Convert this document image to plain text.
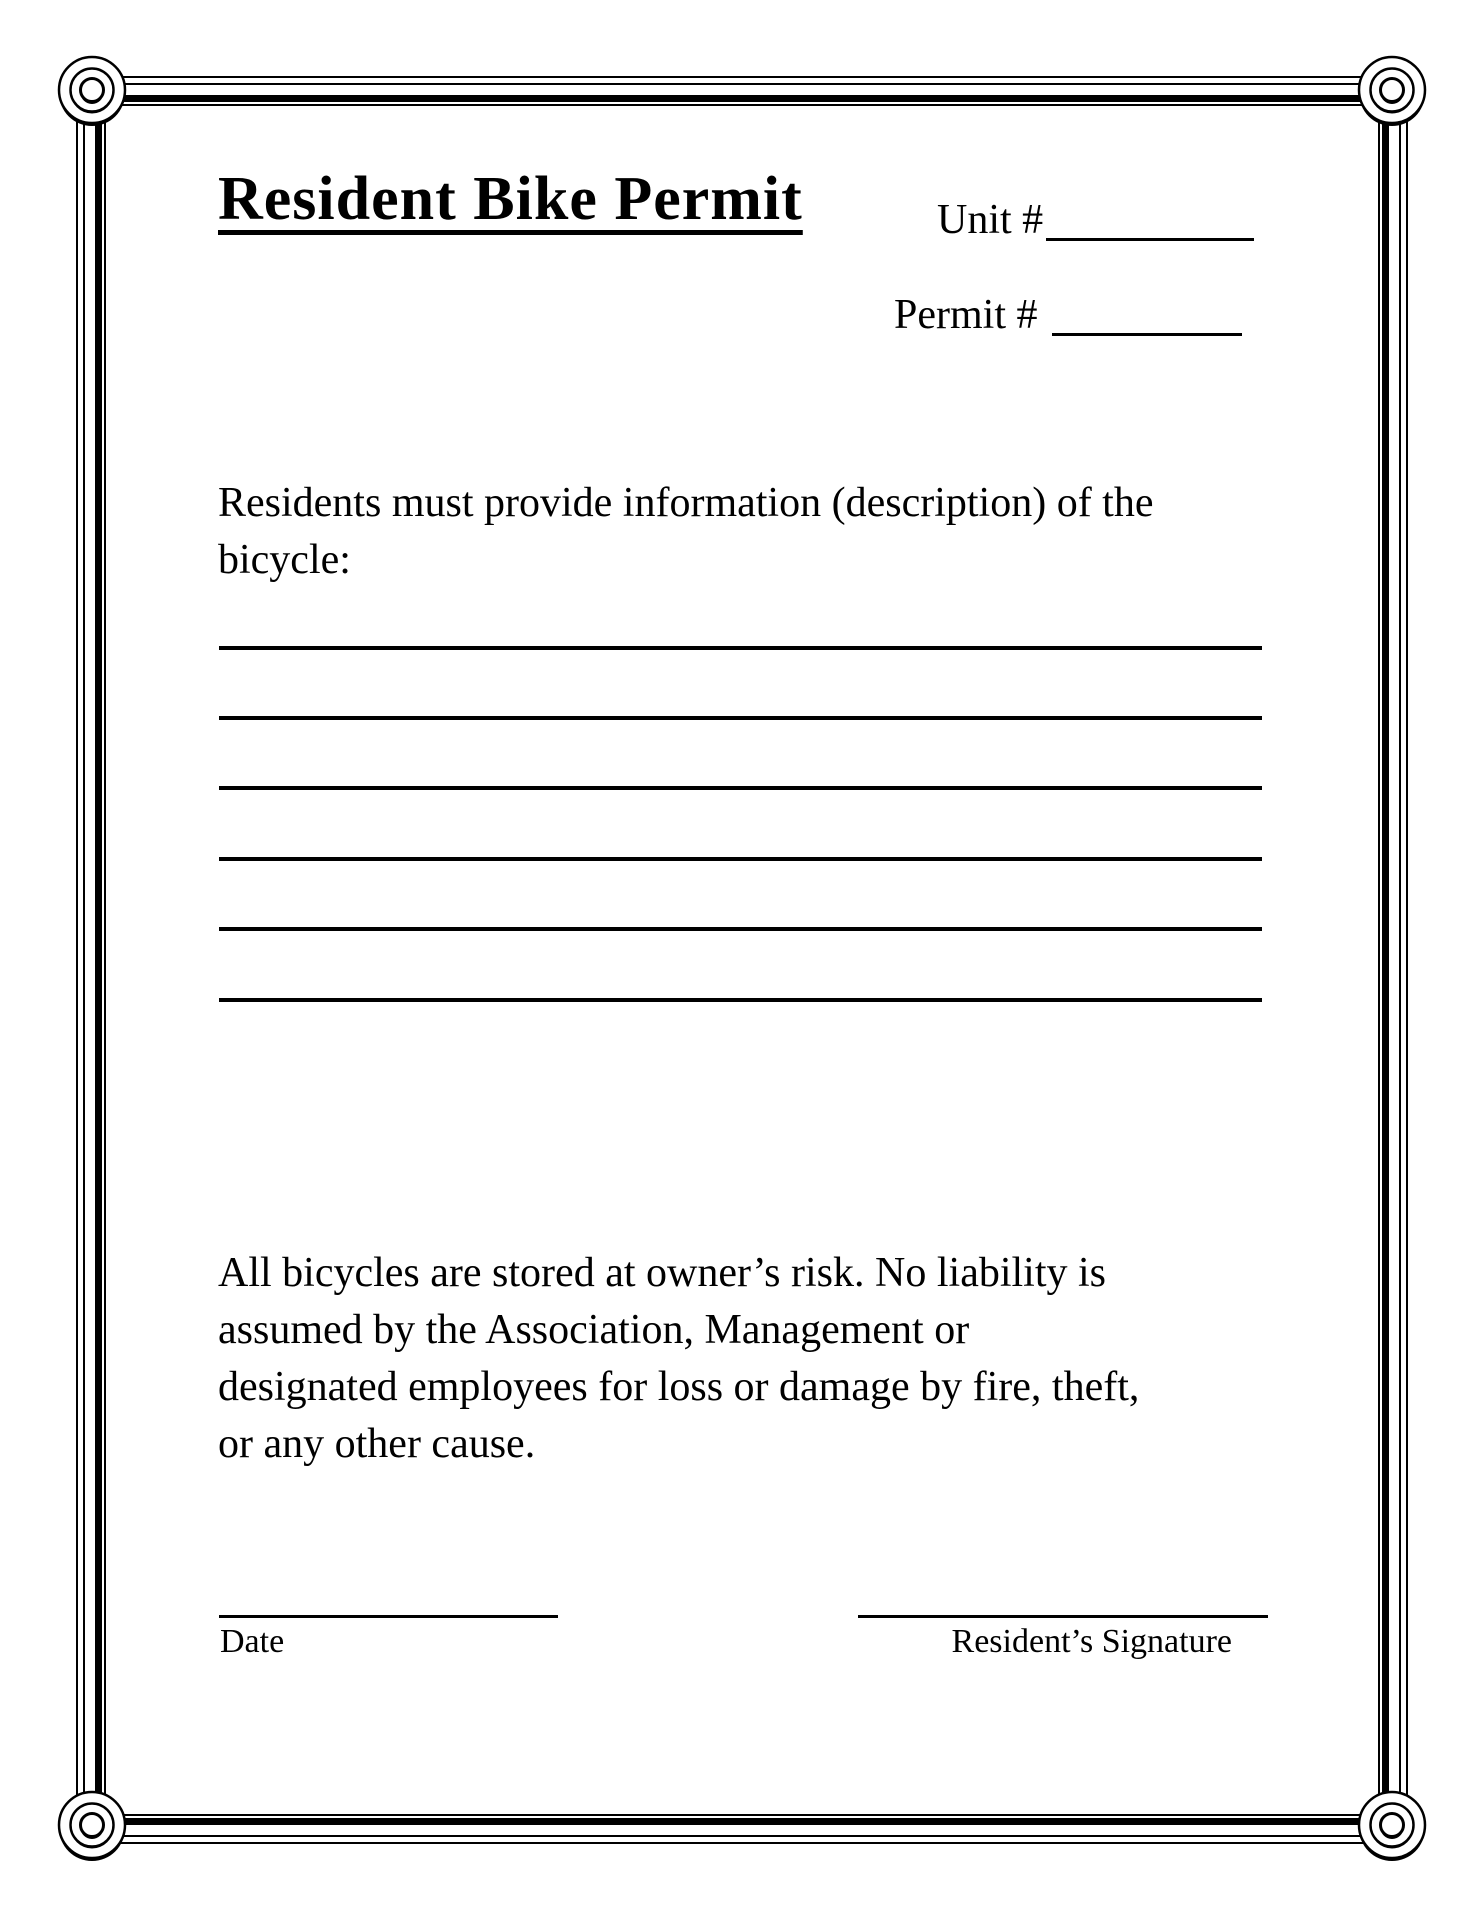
Resident Bike Permit	Unit #
Permit #
Residents must provide information (description) of the
bicycle:
All bicycles are stored at owner’s risk. No liability is
assumed by the Association, Management or
designated employees for loss or damage by fire, theft,
or any other cause.
Date	Resident’s Signature
